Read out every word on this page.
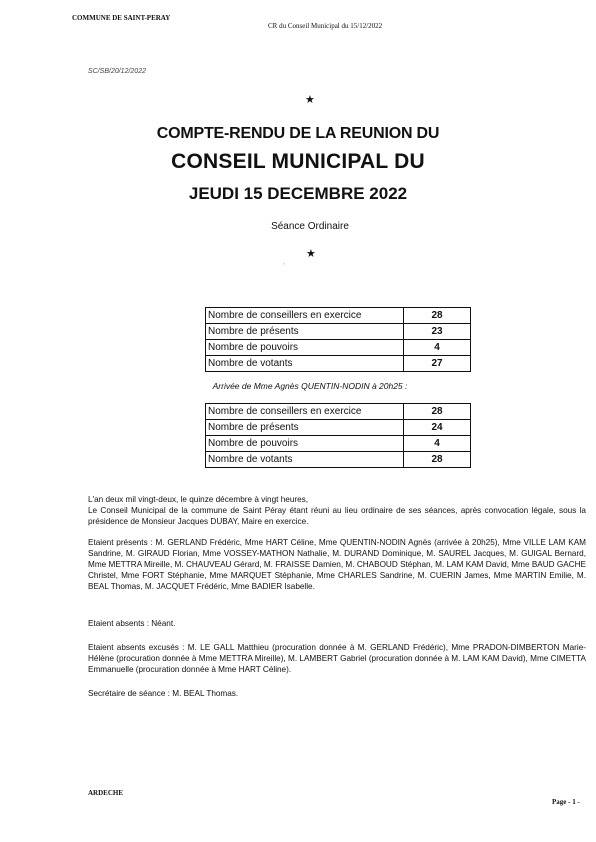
COMMUNE DE SAINT-PERAY
CR du Conseil Municipal du 15/12/2022
SC/SB/20/12/2022
★
COMPTE-RENDU DE LA REUNION DU
CONSEIL MUNICIPAL DU
JEUDI 15 DECEMBRE 2022
Séance Ordinaire
´
★
Nombre de conseillers en exercice	28
Nombre de présents	23
Nombre de pouvoirs	4
Nombre de votants	27
Arrivée de Mme Agnès QUENTIN-NODIN à 20h25 :
Nombre de conseillers en exercice	28
Nombre de présents	24
Nombre de pouvoirs	4
Nombre de votants	28
L'an deux mil vingt-deux, le quinze décembre à vingt heures,
Le Conseil Municipal de la commune de Saint Péray étant réuni au lieu ordinaire de ses séances, après convocation légale, sous la présidence de Monsieur Jacques DUBAY, Maire en exercice.
Etaient présents : M. GERLAND Frédéric, Mme HART Céline, Mme QUENTIN-NODIN Agnès (arrivée à 20h25), Mme VILLE LAM KAM Sandrine, M. GIRAUD Florian, Mme VOSSEY-MATHON Nathalie, M. DURAND Dominique, M. SAUREL Jacques, M. GUIGAL Bernard, Mme METTRA Mireille, M. CHAUVEAU Gérard, M. FRAISSE Damien, M. CHABOUD Stéphan, M. LAM KAM David, Mme BAUD GACHE Christel, Mme FORT Stéphanie, Mme MARQUET Stéphanie, Mme CHARLES Sandrine, M. CUERIN James, Mme MARTIN Emilie, M. BEAL Thomas, M. JACQUET Frédéric, Mme BADIER Isabelle.
Etaient absents : Néant.
Etaient absents excusés : M. LE GALL Matthieu (procuration donnée à M. GERLAND Frédéric), Mme PRADON-DIMBERTON Marie-Hélène (procuration donnée à Mme METTRA Mireille), M. LAMBERT Gabriel (procuration donnée à M. LAM KAM David), Mme CIMETTA Emmanuelle (procuration donnée à Mme HART Céline).
Secrétaire de séance : M. BEAL Thomas.
ARDECHE
Page - 1 -
